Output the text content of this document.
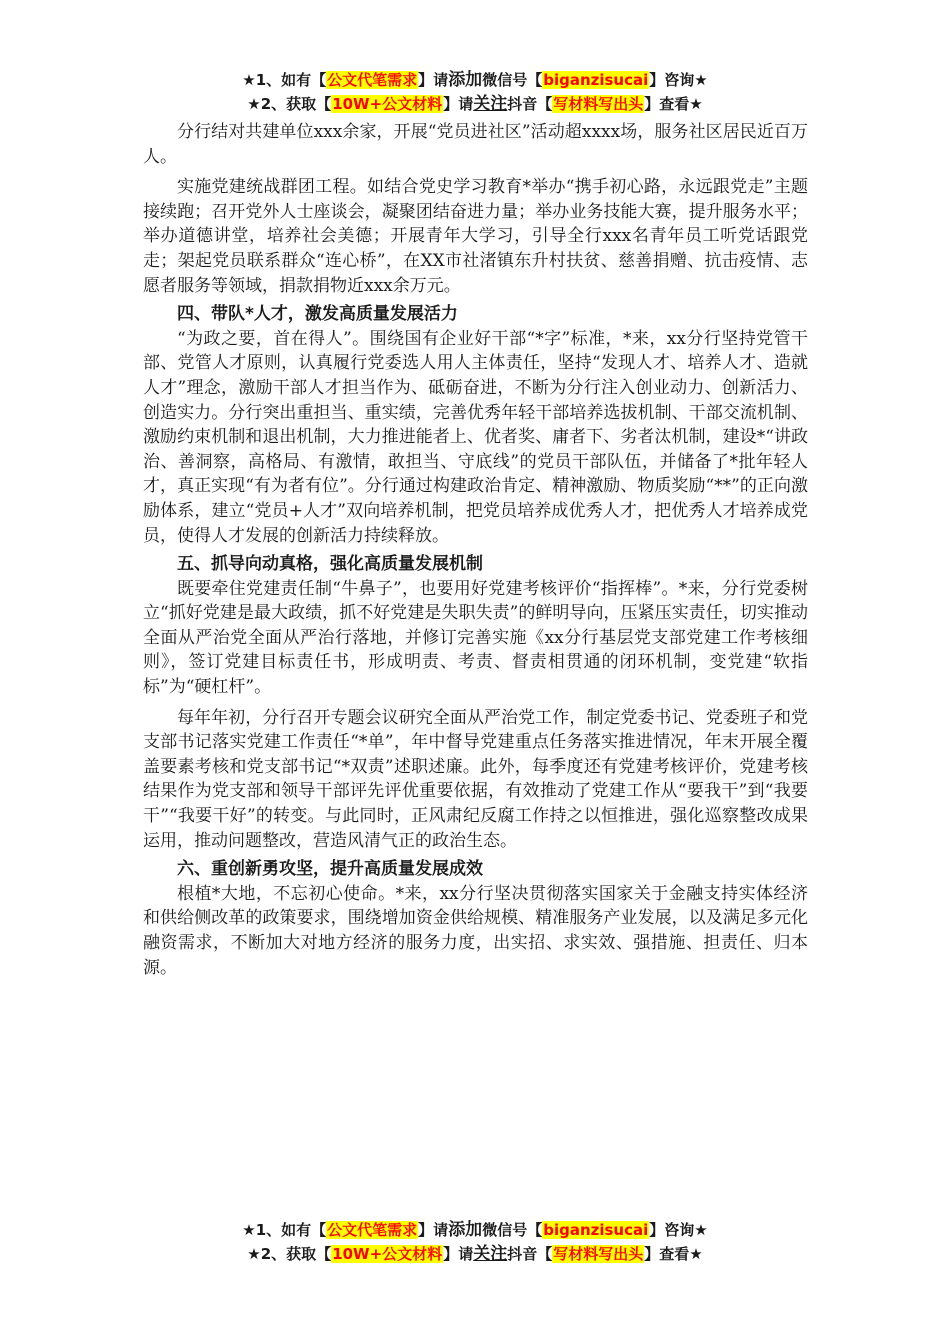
★1、如有【公文代笔需求】请添加微信号【biganzisucai】咨询★
★2、获取【10W+公文材料】请关注抖音【写材料写出头】查看★

分行结对共建单位xxx余家，开展“党员进社区”活动超xxxx场，服务社区居民近百万人。

实施党建统战群团工程。如结合党史学习教育*举办“携手初心路，永远跟党走”主题接续跑；召开党外人士座谈会，凝聚团结奋进力量；举办业务技能大赛，提升服务水平；举办道德讲堂，培养社会美德；开展青年大学习，引导全行xxx名青年员工听党话跟党走；架起党员联系群众“连心桥”，在XX市社渚镇东升村扶贫、慈善捐赠、抗击疫情、志愿者服务等领域，捐款捐物近xxx余万元。

四、带队*人才，激发高质量发展活力

“为政之要，首在得人”。围绕国有企业好干部“*字”标准，*来，xx分行坚持党管干部、党管人才原则，认真履行党委选人用人主体责任，坚持“发现人才、培养人才、造就人才”理念，激励干部人才担当作为、砥砺奋进，不断为分行注入创业动力、创新活力、创造实力。分行突出重担当、重实绩，完善优秀年轻干部培养选拔机制、干部交流机制、激励约束机制和退出机制，大力推进能者上、优者奖、庸者下、劣者汰机制，建设*“讲政治、善洞察，高格局、有激情，敢担当、守底线”的党员干部队伍，并储备了*批年轻人才，真正实现“有为者有位”。分行通过构建政治肯定、精神激励、物质奖励“**”的正向激励体系，建立“党员+人才”双向培养机制，把党员培养成优秀人才，把优秀人才培养成党员，使得人才发展的创新活力持续释放。

五、抓导向动真格，强化高质量发展机制

既要牵住党建责任制“牛鼻子”，也要用好党建考核评价“指挥棒”。*来，分行党委树立“抓好党建是最大政绩，抓不好党建是失职失责”的鲜明导向，压紧压实责任，切实推动全面从严治党全面从严治行落地，并修订完善实施《xx分行基层党支部党建工作考核细则》，签订党建目标责任书，形成明责、考责、督责相贯通的闭环机制，变党建“软指标”为“硬杠杆”。

每年年初，分行召开专题会议研究全面从严治党工作，制定党委书记、党委班子和党支部书记落实党建工作责任“*单”，年中督导党建重点任务落实推进情况，年末开展全覆盖要素考核和党支部书记“*双责”述职述廉。此外，每季度还有党建考核评价，党建考核结果作为党支部和领导干部评先评优重要依据，有效推动了党建工作从“要我干”到“我要干”“我要干好”的转变。与此同时，正风肃纪反腐工作持之以恒推进，强化巡察整改成果运用，推动问题整改，营造风清气正的政治生态。

六、重创新勇攻坚，提升高质量发展成效

根植*大地，不忘初心使命。*来，xx分行坚决贯彻落实国家关于金融支持实体经济和供给侧改革的政策要求，围绕增加资金供给规模、精准服务产业发展，以及满足多元化融资需求，不断加大对地方经济的服务力度，出实招、求实效、强措施、担责任、归本源。

★1、如有【公文代笔需求】请添加微信号【biganzisucai】咨询★
★2、获取【10W+公文材料】请关注抖音【写材料写出头】查看★
